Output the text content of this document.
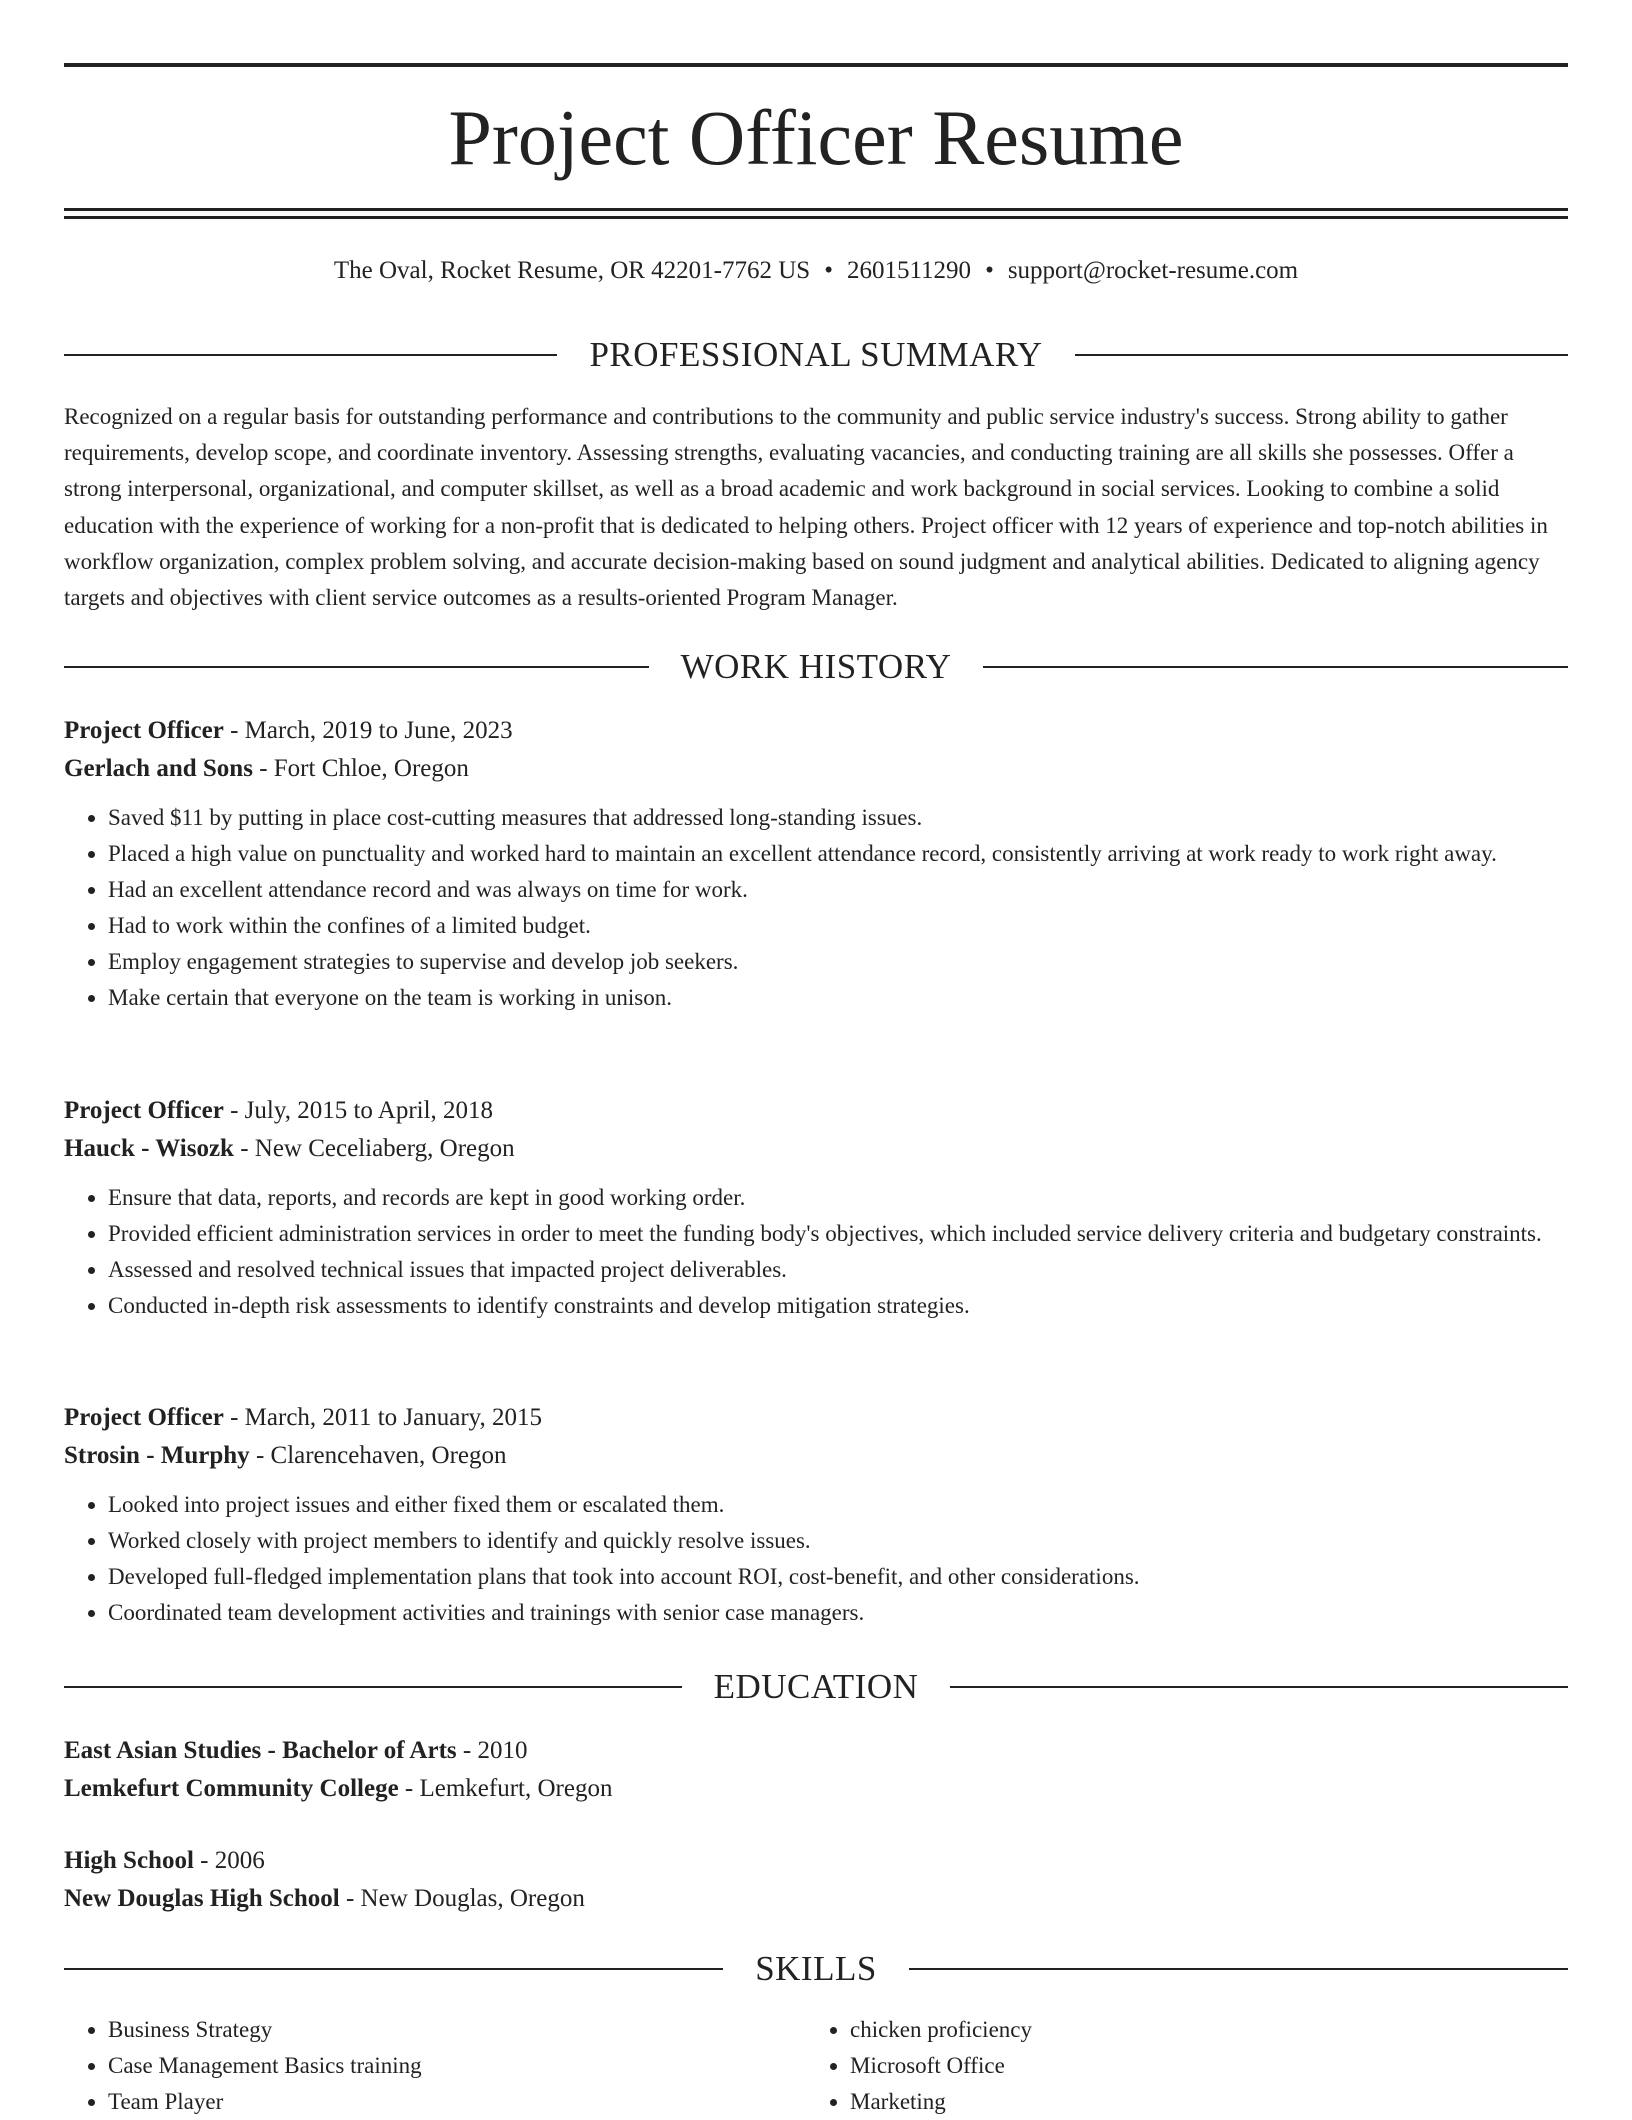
Project Officer Resume
The Oval, Rocket Resume, OR 42201-7762 US • 2601511290 • support@rocket-resume.com
PROFESSIONAL SUMMARY

Recognized on a regular basis for outstanding performance and contributions to the community and public service industry's success. Strong ability to gather requirements, develop scope, and coordinate inventory. Assessing strengths, evaluating vacancies, and conducting training are all skills she possesses. Offer a strong interpersonal, organizational, and computer skillset, as well as a broad academic and work background in social services. Looking to combine a solid education with the experience of working for a non-profit that is dedicated to helping others. Project officer with 12 years of experience and top-notch abilities in workflow organization, complex problem solving, and accurate decision-making based on sound judgment and analytical abilities. Dedicated to aligning agency targets and objectives with client service outcomes as a results-oriented Program Manager.

WORK HISTORY
Project Officer - March, 2019 to June, 2023
Gerlach and Sons - Fort Chloe, Oregon
• Saved $11 by putting in place cost-cutting measures that addressed long-standing issues.
• Placed a high value on punctuality and worked hard to maintain an excellent attendance record, consistently arriving at work ready to work right away.
• Had an excellent attendance record and was always on time for work.
• Had to work within the confines of a limited budget.
• Employ engagement strategies to supervise and develop job seekers.
• Make certain that everyone on the team is working in unison.
Project Officer - July, 2015 to April, 2018
Hauck - Wisozk - New Ceceliaberg, Oregon
• Ensure that data, reports, and records are kept in good working order.
• Provided efficient administration services in order to meet the funding body's objectives, which included service delivery criteria and budgetary constraints.
• Assessed and resolved technical issues that impacted project deliverables.
• Conducted in-depth risk assessments to identify constraints and develop mitigation strategies.
Project Officer - March, 2011 to January, 2015
Strosin - Murphy - Clarencehaven, Oregon
• Looked into project issues and either fixed them or escalated them.
• Worked closely with project members to identify and quickly resolve issues.
• Developed full-fledged implementation plans that took into account ROI, cost-benefit, and other considerations.
• Coordinated team development activities and trainings with senior case managers.
EDUCATION
East Asian Studies - Bachelor of Arts - 2010
Lemkefurt Community College - Lemkefurt, Oregon
High School - 2006
New Douglas High School - New Douglas, Oregon
SKILLS
• Business Strategy
• Case Management Basics training
• Team Player
• chicken proficiency
• Microsoft Office
• Marketing
